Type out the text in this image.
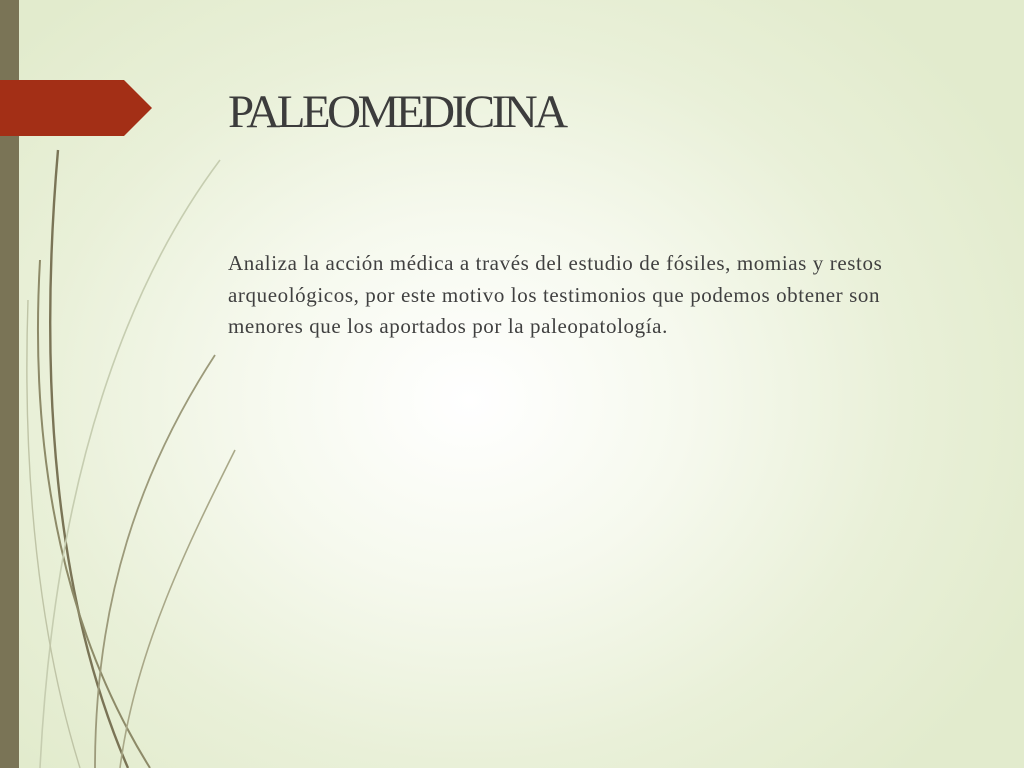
PALEOMEDICINA

Analiza la acción médica a través del estudio de fósiles, momias y restos arqueológicos, por este motivo los testimonios que podemos obtener son menores que los aportados por la paleopatología.
